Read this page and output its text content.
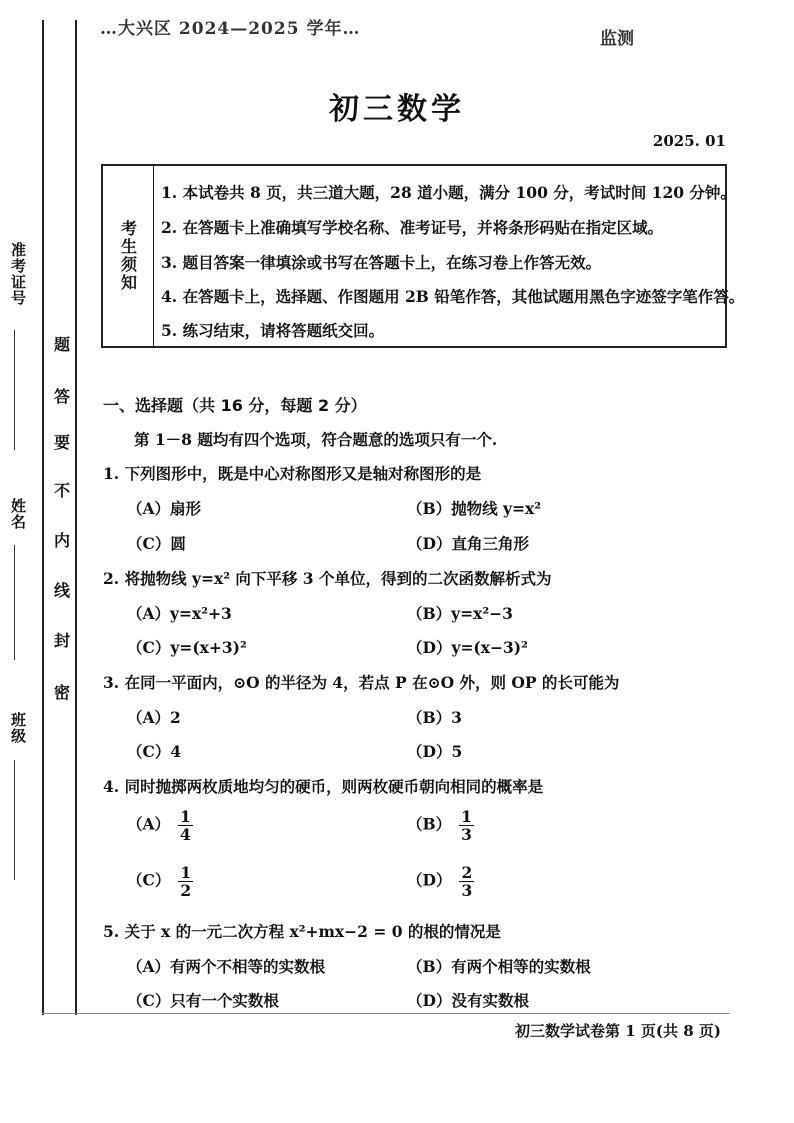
准考证号
姓名
班级
题
答
要
不
内
线
封
密
…大兴区 2024—2025 学年…	监测
初三数学
2025. 01
考生须知
1. 本试卷共 8 页，共三道大题，28 道小题，满分 100 分，考试时间 120 分钟。
2. 在答题卡上准确填写学校名称、准考证号，并将条形码贴在指定区域。
3. 题目答案一律填涂或书写在答题卡上，在练习卷上作答无效。
4. 在答题卡上，选择题、作图题用 2B 铅笔作答，其他试题用黑色字迹签字笔作答。
5. 练习结束，请将答题纸交回。
一、选择题（共 16 分，每题 2 分）
第 1－8 题均有四个选项，符合题意的选项只有一个.
1. 下列图形中，既是中心对称图形又是轴对称图形的是
（A）扇形	（B）抛物线 y=x²
（C）圆	（D）直角三角形
2. 将抛物线 y=x² 向下平移 3 个单位，得到的二次函数解析式为
（A）y=x²+3	（B）y=x²−3
（C）y=(x+3)²	（D）y=(x−3)²
3. 在同一平面内，⊙O 的半径为 4，若点 P 在⊙O 外，则 OP 的长可能为
（A）2	（B）3
（C）4	（D）5
4. 同时抛掷两枚质地均匀的硬币，则两枚硬币朝向相同的概率是
$(A) \frac{1}{4}$	$(B) \frac{1}{3}$
$(C) \frac{1}{2}$	$(D) \frac{2}{3}$
5. 关于 x 的一元二次方程 x²+mx−2 = 0 的根的情况是
（A）有两个不相等的实数根	（B）有两个相等的实数根
（C）只有一个实数根	（D）没有实数根
初三数学试卷第 1 页(共 8 页)
